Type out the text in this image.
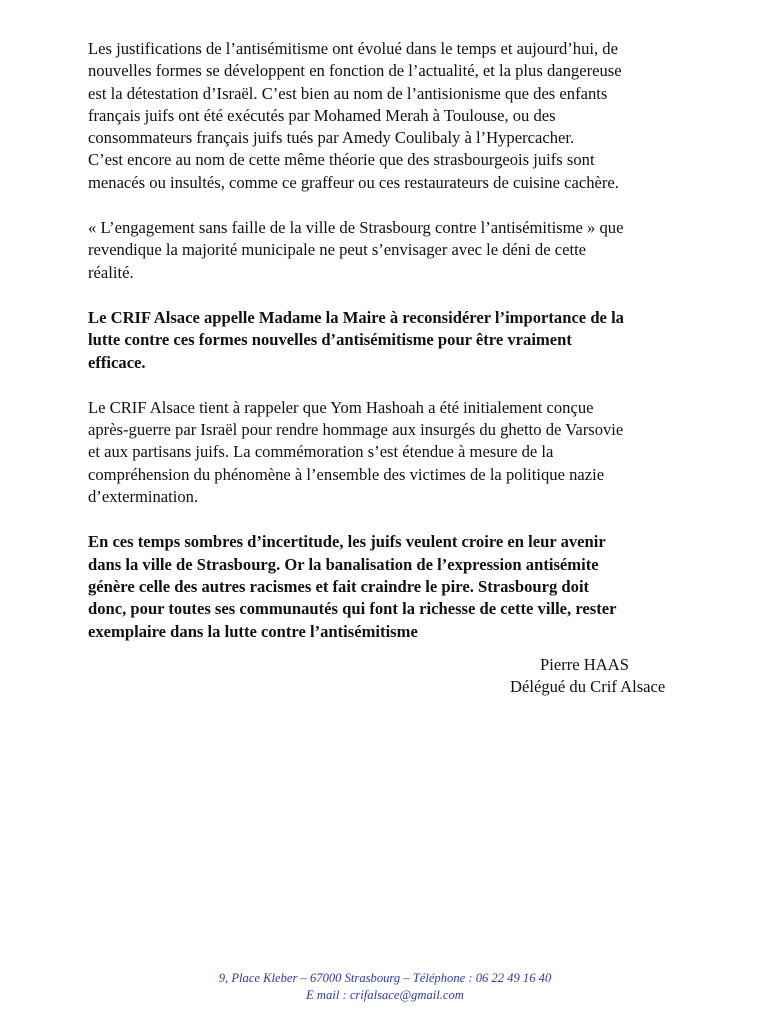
Les justifications de l’antisémitisme ont évolué dans le temps et aujourd’hui, de
nouvelles formes se développent en fonction de l’actualité, et la plus dangereuse
est la détestation d’Israël. C’est bien au nom de l’antisionisme que des enfants
français juifs ont été exécutés par Mohamed Merah à Toulouse, ou des
consommateurs français juifs tués par Amedy Coulibaly à l’Hypercacher.
C’est encore au nom de cette même théorie que des strasbourgeois juifs sont
menacés ou insultés, comme ce graffeur ou ces restaurateurs de cuisine cachère.

« L’engagement sans faille de la ville de Strasbourg contre l’antisémitisme » que
revendique la majorité municipale ne peut s’envisager avec le déni de cette
réalité.

Le CRIF Alsace appelle Madame la Maire à reconsidérer l’importance de la
lutte contre ces formes nouvelles d’antisémitisme pour être vraiment
efficace.

Le CRIF Alsace tient à rappeler que Yom Hashoah a été initialement conçue
après-guerre par Israël pour rendre hommage aux insurgés du ghetto de Varsovie
et aux partisans juifs. La commémoration s’est étendue à mesure de la
compréhension du phénomène à l’ensemble des victimes de la politique nazie
d’extermination.

En ces temps sombres d’incertitude, les juifs veulent croire en leur avenir
dans la ville de Strasbourg. Or la banalisation de l’expression antisémite
génère celle des autres racismes et fait craindre le pire. Strasbourg doit
donc, pour toutes ses communautés qui font la richesse de cette ville, rester
exemplaire dans la lutte contre l’antisémitisme

Pierre HAAS
Délégué du Crif Alsace
9, Place Kleber – 67000 Strasbourg – Téléphone : 06 22 49 16 40
E mail : crifalsace@gmail.com
